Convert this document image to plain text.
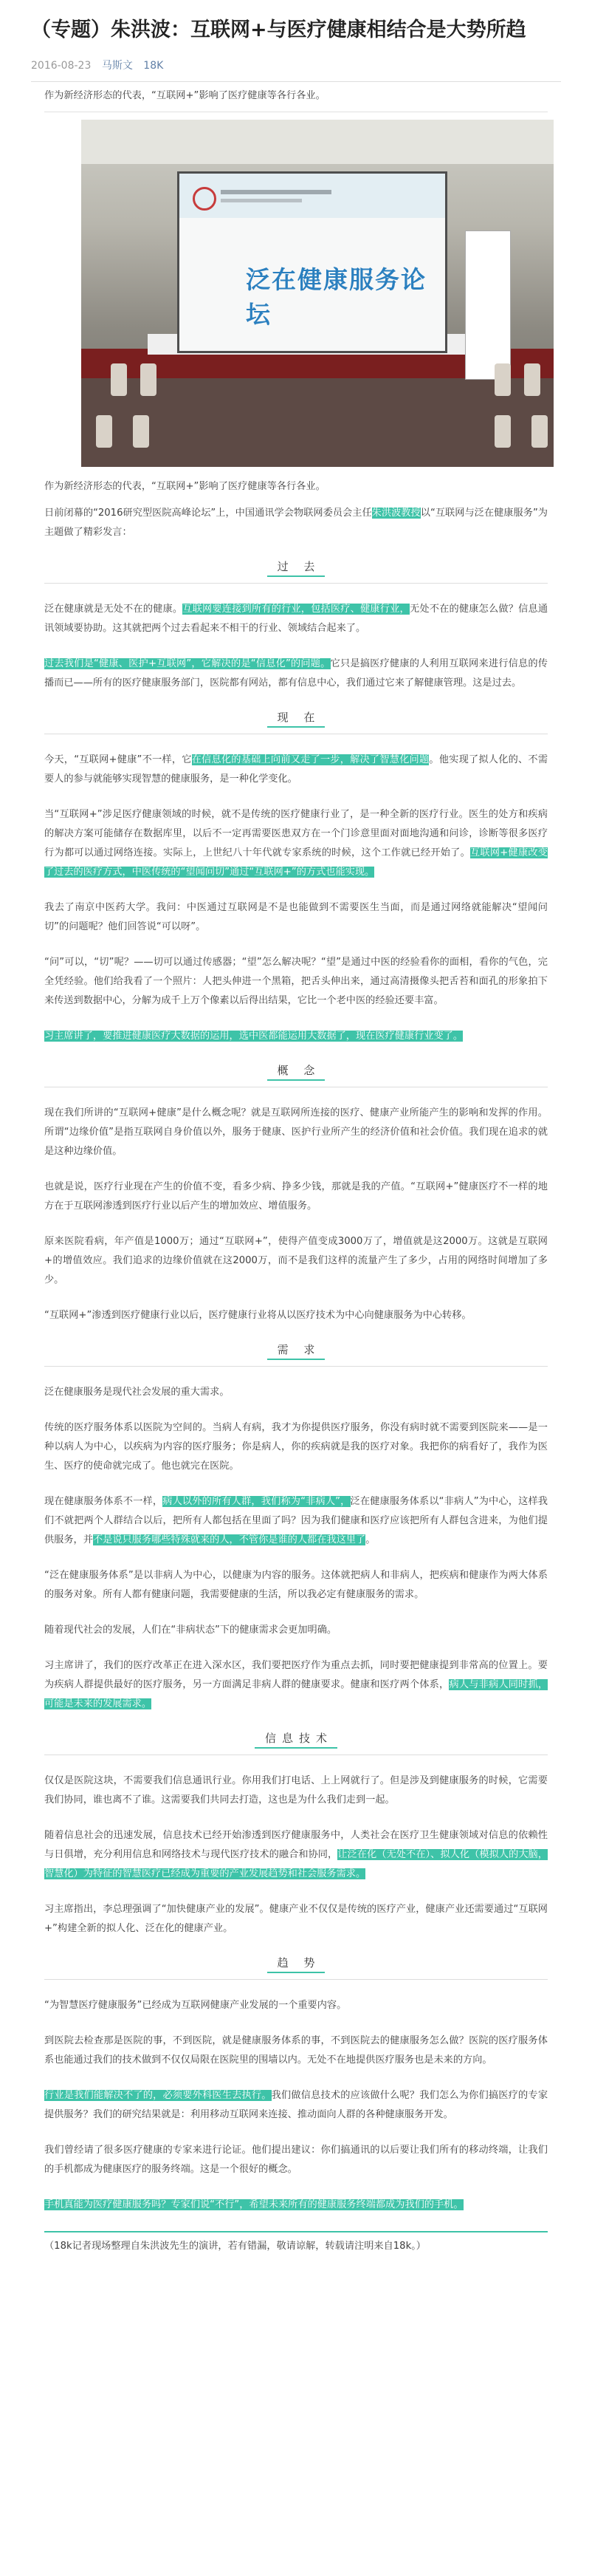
（专题）朱洪波：互联网+与医疗健康相结合是大势所趋
2016-08-23 马斯文 18K

作为新经济形态的代表，“互联网+”影响了医疗健康等各行各业。

泛在健康服务论坛

作为新经济形态的代表，“互联网+”影响了医疗健康等各行各业。

日前闭幕的“2016研究型医院高峰论坛”上，中国通讯学会物联网委员会主任朱洪波教授以“互联网与泛在健康服务”为主题做了精彩发言：

过 去

泛在健康就是无处不在的健康。互联网要连接到所有的行业，包括医疗、健康行业，无处不在的健康怎么做？信息通讯领域要协助。这其就把两个过去看起来不相干的行业、领域结合起来了。

过去我们是“健康、医护+互联网”，它解决的是“信息化”的问题。它只是搞医疗健康的人利用互联网来进行信息的传播而已——所有的医疗健康服务部门，医院都有网站，都有信息中心，我们通过它来了解健康管理。这是过去。

现 在

今天，“互联网+健康”不一样，它在信息化的基础上向前又走了一步，解决了智慧化问题。他实现了拟人化的、不需要人的参与就能够实现智慧的健康服务，是一种化学变化。

当“互联网+”涉足医疗健康领域的时候，就不是传统的医疗健康行业了，是一种全新的医疗行业。医生的处方和疾病的解决方案可能储存在数据库里，以后不一定再需要医患双方在一个门诊意里面对面地沟通和问诊，诊断等很多医疗行为都可以通过网络连接。实际上，上世纪八十年代就专家系统的时候，这个工作就已经开始了。互联网+健康改变了过去的医疗方式，中医传统的“望闻问切”通过“互联网+”的方式也能实现。

我去了南京中医药大学。我问：中医通过互联网是不是也能做到不需要医生当面，而是通过网络就能解决“望闻问切”的问题呢？他们回答说“可以呀”。

“问”可以，“切”呢？——切可以通过传感器；“望”怎么解决呢？“望”是通过中医的经验看你的面相，看你的气色，完全凭经验。他们给我看了一个照片：人把头伸进一个黑箱，把舌头伸出来，通过高清摄像头把舌苔和面孔的形象拍下来传送到数据中心，分解为成千上万个像素以后得出结果，它比一个老中医的经验还要丰富。

习主席讲了，要推进健康医疗大数据的运用，选中医都能运用大数据了，现在医疗健康行业变了。

概 念

现在我们所讲的“互联网+健康”是什么概念呢？就是互联网所连接的医疗、健康产业所能产生的影响和发挥的作用。所谓“边缘价值”是指互联网自身价值以外，服务于健康、医护行业所产生的经济价值和社会价值。我们现在追求的就是这种边缘价值。

也就是说，医疗行业现在产生的价值不变，看多少病、挣多少钱，那就是我的产值。“互联网+”健康医疗不一样的地方在于互联网渗透到医疗行业以后产生的增加效应、增值服务。

原来医院看病，年产值是1000万；通过“互联网+”，使得产值变成3000万了，增值就是这2000万。这就是互联网+的增值效应。我们追求的边缘价值就在这2000万，而不是我们这样的流量产生了多少，占用的网络时间增加了多少。

“互联网+”渗透到医疗健康行业以后，医疗健康行业将从以医疗技术为中心向健康服务为中心转移。

需 求

泛在健康服务是现代社会发展的重大需求。

传统的医疗服务体系以医院为空间的。当病人有病，我才为你提供医疗服务，你没有病时就不需要到医院来——是一种以病人为中心，以疾病为内容的医疗服务；你是病人，你的疾病就是我的医疗对象。我把你的病看好了，我作为医生、医疗的使命就完成了。他也就完在医院。

现在健康服务体系不一样，病人以外的所有人群，我们称为“非病人”，泛在健康服务体系以“非病人”为中心，这样我们不就把两个人群结合以后，把所有人都包括在里面了吗？因为我们健康和医疗应该把所有人群包含进来，为他们提供服务，并不是说只服务哪些特殊就来的人，不管你是谁的人都在我这里了。

“泛在健康服务体系”是以非病人为中心，以健康为内容的服务。这体就把病人和非病人，把疾病和健康作为两大体系的服务对象。所有人都有健康问题，我需要健康的生活，所以我必定有健康服务的需求。

随着现代社会的发展，人们在“非病状态”下的健康需求会更加明确。

习主席讲了，我们的医疗改革正在进入深水区，我们要把医疗作为重点去抓，同时要把健康提到非常高的位置上。要为疾病人群提供最好的医疗服务，另一方面满足非病人群的健康要求。健康和医疗两个体系，病人与非病人同时抓，可能是未来的发展需求。

信息技术

仅仅是医院这块，不需要我们信息通讯行业。你用我们打电话、上上网就行了。但是涉及到健康服务的时候，它需要我们协同，谁也离不了谁。这需要我们共同去打造，这也是为什么我们走到一起。

随着信息社会的迅速发展，信息技术已经开始渗透到医疗健康服务中，人类社会在医疗卫生健康领域对信息的依赖性与日俱增，充分利用信息和网络技术与现代医疗技术的融合和协同，让泛在化（无处不在）、拟人化（模拟人的大脑，智慧化）为特征的智慧医疗已经成为重要的产业发展趋势和社会服务需求。

习主席指出，李总理强调了“加快健康产业的发展”。健康产业不仅仅是传统的医疗产业，健康产业还需要通过“互联网+”构建全新的拟人化、泛在化的健康产业。

趋 势

“为智慧医疗健康服务”已经成为互联网健康产业发展的一个重要内容。

到医院去检查那是医院的事，不到医院，就是健康服务体系的事，不到医院去的健康服务怎么做？医院的医疗服务体系也能通过我们的技术做到不仅仅局限在医院里的围墙以内。无处不在地提供医疗服务也是未来的方向。

行业是我们能解决不了的，必须要外科医生去执行。我们做信息技术的应该做什么呢？我们怎么为你们搞医疗的专家提供服务？我们的研究结果就是：利用移动互联网来连接、推动面向人群的各种健康服务开发。

我们曾经请了很多医疗健康的专家来进行论证。他们提出建议：你们搞通讯的以后要让我们所有的移动终端，让我们的手机都成为健康医疗的服务终端。这是一个很好的概念。

手机真能为医疗健康服务吗？专家们说“不行”，希望未来所有的健康服务终端都成为我们的手机。

（18k记者现场整理自朱洪波先生的演讲，若有错漏，敬请谅解，转载请注明来自18k。）
